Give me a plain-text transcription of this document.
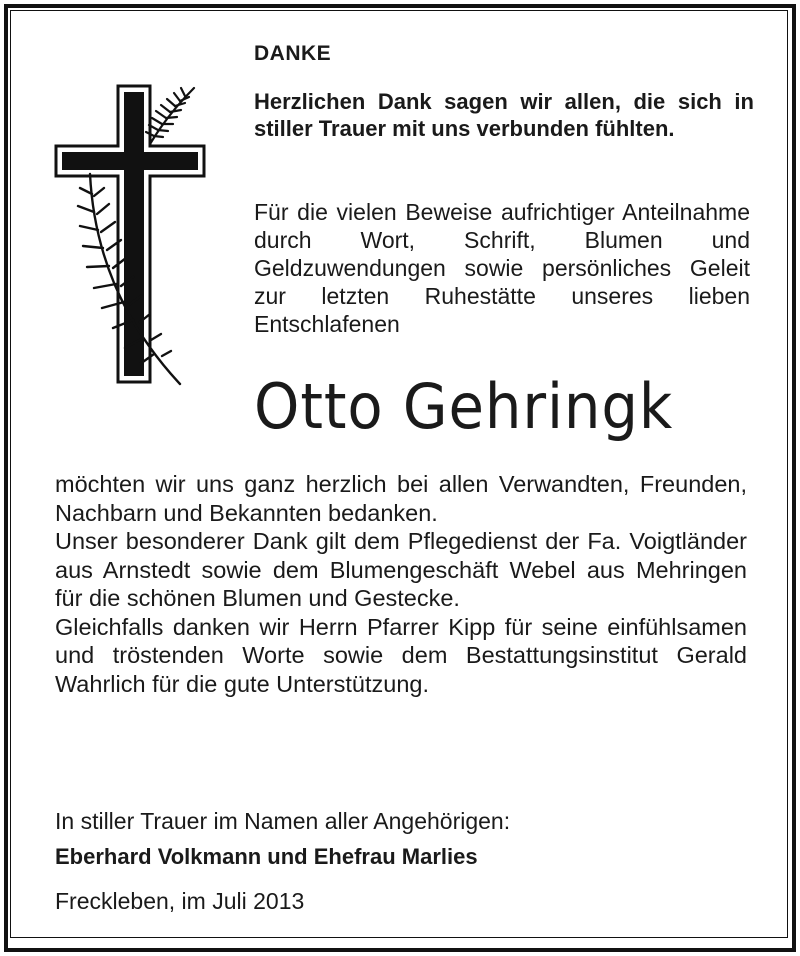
DANKE

Herzlichen Dank sagen wir allen, die sich in stiller Trauer mit uns verbunden fühlten.

Für die vielen Beweise aufrichtiger Anteilnahme durch Wort, Schrift, Blumen und Geldzuwendungen sowie persönliches Geleit zur letzten Ruhestätte unseres lieben Entschlafenen

Otto Gehringk

möchten wir uns ganz herzlich bei allen Verwandten, Freunden, Nachbarn und Bekannten bedanken.

Unser besonderer Dank gilt dem Pflegedienst der Fa. Voigtländer aus Arnstedt sowie dem Blumengeschäft Webel aus Mehringen für die schönen Blumen und Gestecke.

Gleichfalls danken wir Herrn Pfarrer Kipp für seine einfühlsamen und tröstenden Worte sowie dem Bestattungsinstitut Gerald Wahrlich für die gute Unterstützung.

In stiller Trauer im Namen aller Angehörigen:

Eberhard Volkmann und Ehefrau Marlies

Freckleben, im Juli 2013
